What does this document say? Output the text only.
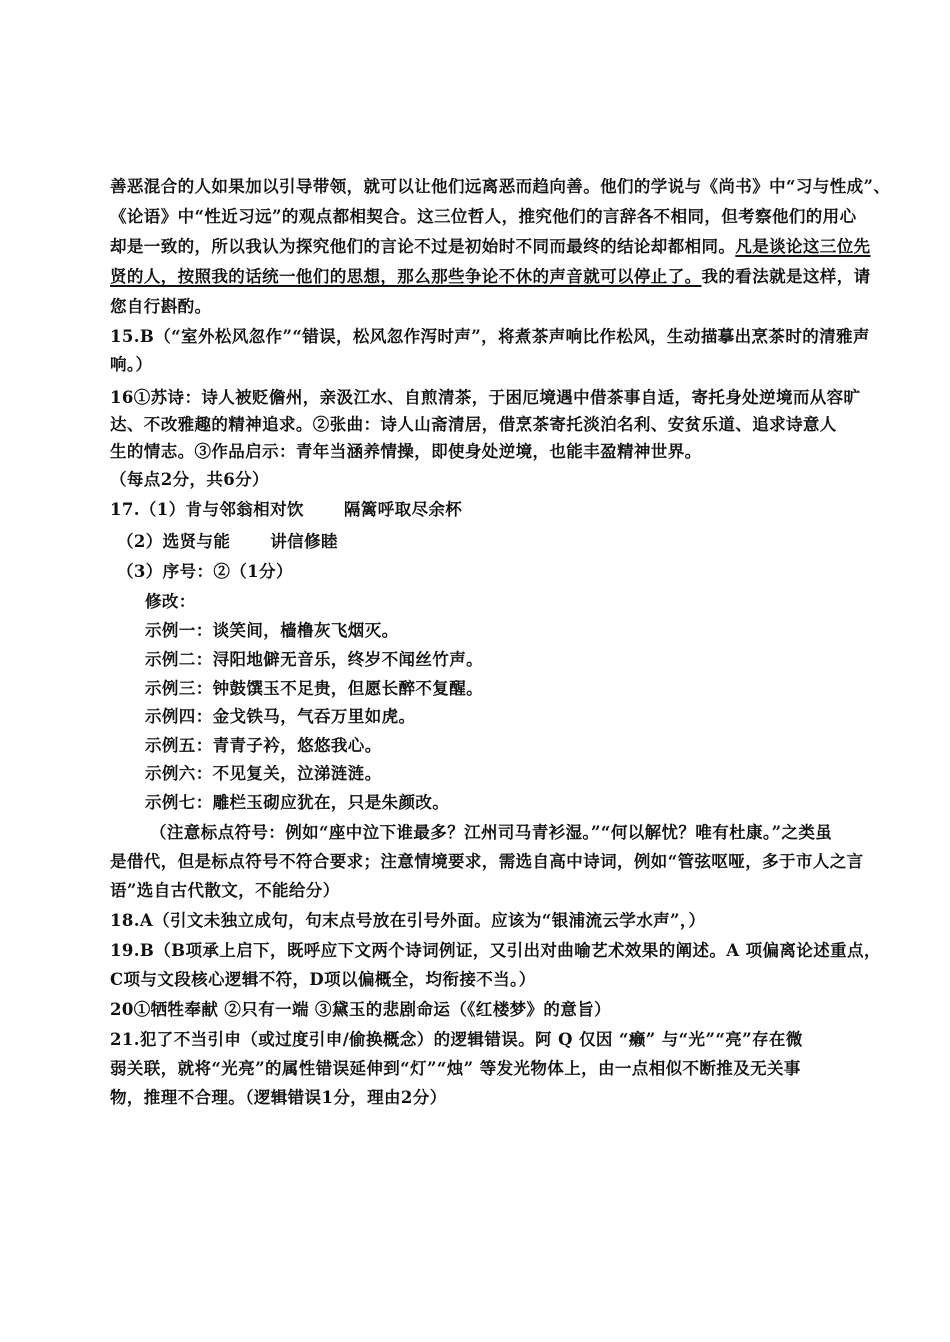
善恶混合的人如果加以引导带领，就可以让他们远离恶而趋向善。他们的学说与《尚书》中“习与性成”、
《论语》中“性近习远”的观点都相契合。这三位哲人，推究他们的言辞各不相同，但考察他们的用心
却是一致的，所以我认为探究他们的言论不过是初始时不同而最终的结论却都相同。凡是谈论这三位先
贤的人，按照我的话统一他们的思想，那么那些争论不休的声音就可以停止了。我的看法就是这样，请
您自行斟酌。
15.B（“室外松风忽作”“错误，松风忽作泻时声”，将煮茶声响比作松风，生动描摹出烹茶时的清雅声
响。）
16①苏诗：诗人被贬儋州，亲汲江水、自煎清茶，于困厄境遇中借茶事自适，寄托身处逆境而从容旷
达、不改雅趣的精神追求。②张曲：诗人山斋清居，借烹茶寄托淡泊名利、安贫乐道、追求诗意人
生的情志。③作品启示：青年当涵养情操，即使身处逆境，也能丰盈精神世界。
（每点2分，共6分）
17.（1）肯与邻翁相对饮 隔篱呼取尽余杯
（2）选贤与能 讲信修睦
（3）序号：②（1分）
修改：
示例一：谈笑间，樯橹灰飞烟灭。
示例二：浔阳地僻无音乐，终岁不闻丝竹声。
示例三：钟鼓馔玉不足贵，但愿长醉不复醒。
示例四：金戈铁马，气吞万里如虎。
示例五：青青子衿，悠悠我心。
示例六：不见复关，泣涕涟涟。
示例七：雕栏玉砌应犹在，只是朱颜改。
（注意标点符号：例如“座中泣下谁最多？江州司马青衫湿。”“何以解忧？唯有杜康。”之类虽
是借代，但是标点符号不符合要求；注意情境要求，需选自高中诗词，例如“管弦呕哑，多于市人之言
语”选自古代散文，不能给分）
18.A（引文未独立成句，句末点号放在引号外面。应该为“银浦流云学水声”，）
19.B（B项承上启下，既呼应下文两个诗词例证，又引出对曲喻艺术效果的阐述。A 项偏离论述重点，
C项与文段核心逻辑不符，D项以偏概全，均衔接不当。）
20①牺牲奉献 ②只有一端 ③黛玉的悲剧命运（《红楼梦》的意旨）
21.犯了不当引申（或过度引申/偷换概念）的逻辑错误。阿 Q 仅因 “癞” 与“光”“亮”存在微
弱关联，就将“光亮”的属性错误延伸到“灯”“烛” 等发光物体上，由一点相似不断推及无关事
物，推理不合理。（逻辑错误1分，理由2分）
